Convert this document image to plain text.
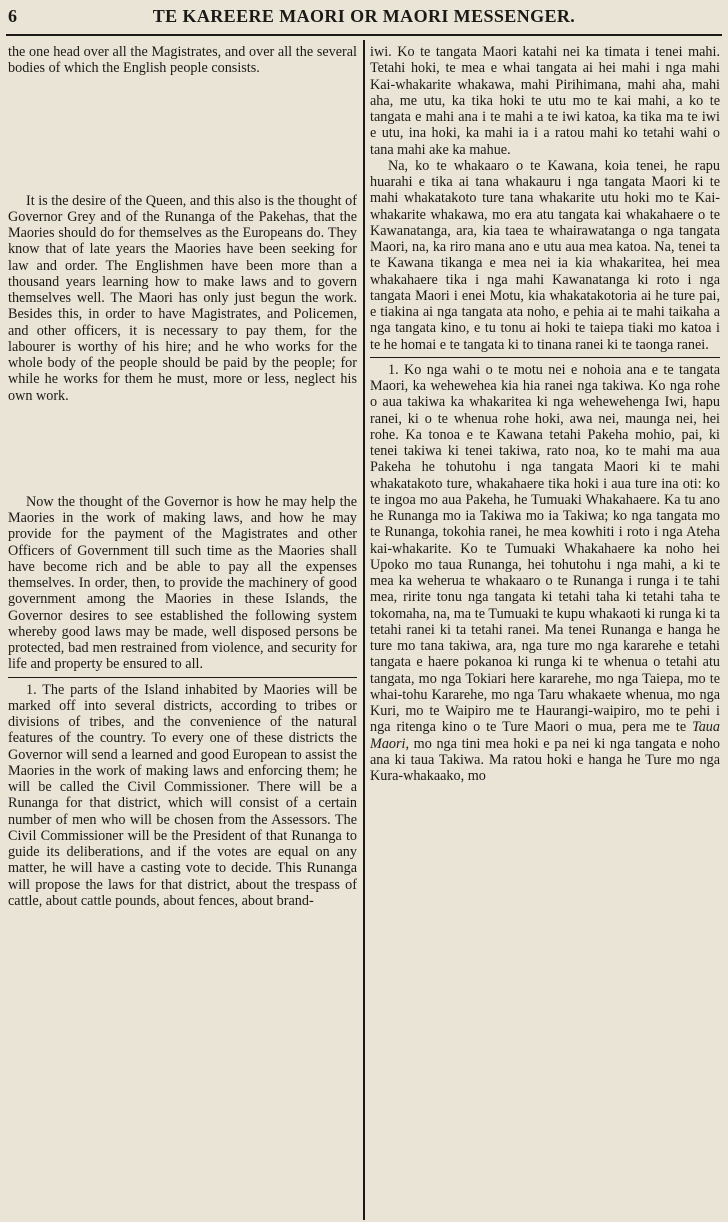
6	TE KAREERE MAORI OR MAORI MESSENGER.

the one head over all the Magistrates, and over all the several bodies of which the English people consists.

It is the desire of the Queen, and this also is the thought of Governor Grey and of the Runanga of the Pakehas, that the Maories should do for themselves as the Europeans do. They know that of late years the Maories have been seeking for law and order. The Englishmen have been more than a thousand years learning how to make laws and to govern themselves well. The Maori has only just begun the work. Besides this, in order to have Magistrates, and Policemen, and other officers, it is necessary to pay them, for the labourer is worthy of his hire; and he who works for the whole body of the people should be paid by the people; for while he works for them he must, more or less, neglect his own work.

Now the thought of the Governor is how he may help the Maories in the work of making laws, and how he may provide for the payment of the Magistrates and other Officers of Government till such time as the Maories shall have become rich and be able to pay all the expenses themselves. In order, then, to provide the machinery of good government among the Maories in these Islands, the Governor desires to see established the following system whereby good laws may be made, well disposed persons be protected, bad men restrained from violence, and security for life and property be ensured to all.

1. The parts of the Island inhabited by Maories will be marked off into several districts, according to tribes or divisions of tribes, and the convenience of the natural features of the country. To every one of these districts the Governor will send a learned and good European to assist the Maories in the work of making laws and enforcing them; he will be called the Civil Commissioner. There will be a Runanga for that district, which will consist of a certain number of men who will be chosen from the Assessors. The Civil Commissioner will be the President of that Runanga to guide its deliberations, and if the votes are equal on any matter, he will have a casting vote to decide. This Runanga will propose the laws for that district, about the trespass of cattle, about cattle pounds, about fences, about brand-

iwi. Ko te tangata Maori katahi nei ka timata i tenei mahi. Tetahi hoki, te mea e whai tangata ai hei mahi i nga mahi Kai-whakarite whakawa, mahi Pirihimana, mahi aha, mahi aha, me utu, ka tika hoki te utu mo te kai mahi, a ko te tangata e mahi ana i te mahi a te iwi katoa, ka tika ma te iwi e utu, ina hoki, ka mahi ia i a ratou mahi ko tetahi wahi o tana mahi ake ka mahue.

Na, ko te whakaaro o te Kawana, koia tenei, he rapu huarahi e tika ai tana whakauru i nga tangata Maori ki te mahi whakatakoto ture tana whakarite utu hoki mo te Kai-whakarite whakawa, mo era atu tangata kai whakahaere o te Kawanatanga, ara, kia taea te whairawatanga o nga tangata Maori, na, ka riro mana ano e utu aua mea katoa. Na, tenei ta te Kawana tikanga e mea nei ia kia whakaritea, hei mea whakahaere tika i nga mahi Kawanatanga ki roto i nga tangata Maori i enei Motu, kia whakatakotoria ai he ture pai, e tiakina ai nga tangata ata noho, e pehia ai te mahi taikaha a nga tangata kino, e tu tonu ai hoki te taiepa tiaki mo katoa i te he homai e te tangata ki to tinana ranei ki te taonga ranei.

1. Ko nga wahi o te motu nei e nohoia ana e te tangata Maori, ka wehewehea kia hia ranei nga takiwa. Ko nga rohe o aua takiwa ka whakaritea ki nga wehewehenga Iwi, hapu ranei, ki o te whenua rohe hoki, awa nei, maunga nei, hei rohe. Ka tonoa e te Kawana tetahi Pakeha mohio, pai, ki tenei takiwa ki tenei takiwa, rato noa, ko te mahi ma aua Pakeha he tohutohu i nga tangata Maori ki te mahi whakatakoto ture, whakahaere tika hoki i aua ture ina oti: ko te ingoa mo aua Pakeha, he Tumuaki Whakahaere. Ka tu ano he Runanga mo ia Takiwa mo ia Takiwa; ko nga tangata mo te Runanga, tokohia ranei, he mea kowhiti i roto i nga Ateha kai-whakarite. Ko te Tumuaki Whakahaere ka noho hei Upoko mo taua Runanga, hei tohutohu i nga mahi, a ki te mea ka weherua te whakaaro o te Runanga i runga i te tahi mea, ririte tonu nga tangata ki tetahi taha ki tetahi taha te tokomaha, na, ma te Tumuaki te kupu whakaoti ki runga ki ta tetahi ranei ki ta tetahi ranei. Ma tenei Runanga e hanga he ture mo tana takiwa, ara, nga ture mo nga kararehe e tetahi tangata e haere pokanoa ki runga ki te whenua o tetahi atu tangata, mo nga Tokiari here kararehe, mo nga Taiepa, mo te whai-tohu Kararehe, mo nga Taru whakaete whenua, mo nga Kuri, mo te Waipiro me te Haurangi-waipiro, mo te pehi i nga ritenga kino o te Ture Maori o mua, pera me te Taua Maori, mo nga tini mea hoki e pa nei ki nga tangata e noho ana ki taua Takiwa. Ma ratou hoki e hanga he Ture mo nga Kura-whakaako, mo
